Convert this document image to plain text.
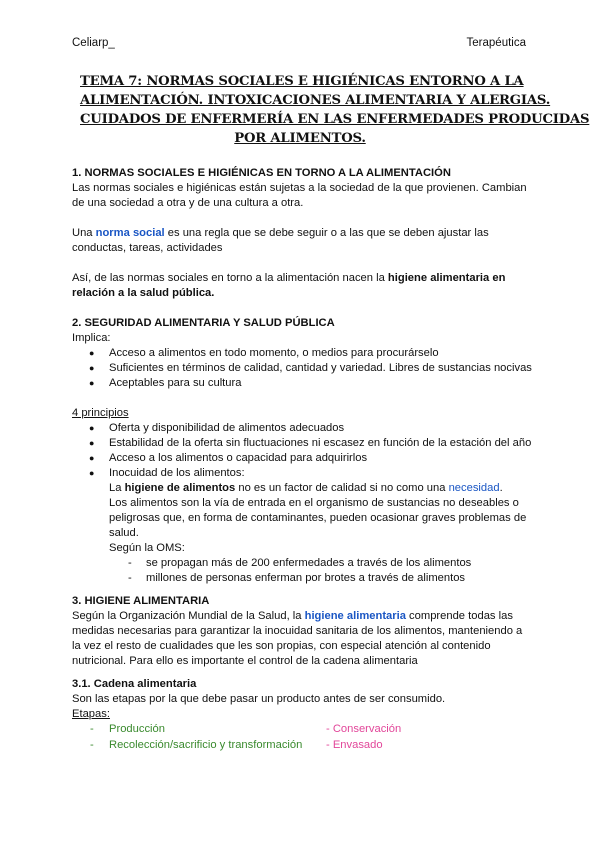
Celiarp_	Terapéutica
TEMA 7: NORMAS SOCIALES E HIGIÉNICAS ENTORNO A LA
ALIMENTACIÓN. INTOXICACIONES ALIMENTARIA Y ALERGIAS.
CUIDADOS DE ENFERMERÍA EN LAS ENFERMEDADES PRODUCIDAS
POR ALIMENTOS.
1. NORMAS SOCIALES E HIGIÉNICAS EN TORNO A LA ALIMENTACIÓN
Las normas sociales e higiénicas están sujetas a la sociedad de la que provienen. Cambian de una sociedad a otra y de una cultura a otra.
Una norma social es una regla que se debe seguir o a las que se deben ajustar las conductas, tareas, actividades
Así, de las normas sociales en torno a la alimentación nacen la higiene alimentaria en relación a la salud pública.
2. SEGURIDAD ALIMENTARIA Y SALUD PÚBLICA
Implica:
● Acceso a alimentos en todo momento, o medios para procurárselo
● Suficientes en términos de calidad, cantidad y variedad. Libres de sustancias nocivas
● Aceptables para su cultura
4 principios
● Oferta y disponibilidad de alimentos adecuados
● Estabilidad de la oferta sin fluctuaciones ni escasez en función de la estación del año
● Acceso a los alimentos o capacidad para adquirirlos
● Inocuidad de los alimentos:
La higiene de alimentos no es un factor de calidad si no como una necesidad.
Los alimentos son la vía de entrada en el organismo de sustancias no deseables o peligrosas que, en forma de contaminantes, pueden ocasionar graves problemas de salud.
Según la OMS:
- se propagan más de 200 enfermedades a través de los alimentos
- millones de personas enferman por brotes a través de alimentos
3. HIGIENE ALIMENTARIA
Según la Organización Mundial de la Salud, la higiene alimentaria comprende todas las medidas necesarias para garantizar la inocuidad sanitaria de los alimentos, manteniendo a la vez el resto de cualidades que les son propias, con especial atención al contenido nutricional. Para ello es importante el control de la cadena alimentaria
3.1. Cadena alimentaria
Son las etapas por la que debe pasar un producto antes de ser consumido.
Etapas:
- Producción
- Recolección/sacrificio y transformación
- Conservación
- Envasado
